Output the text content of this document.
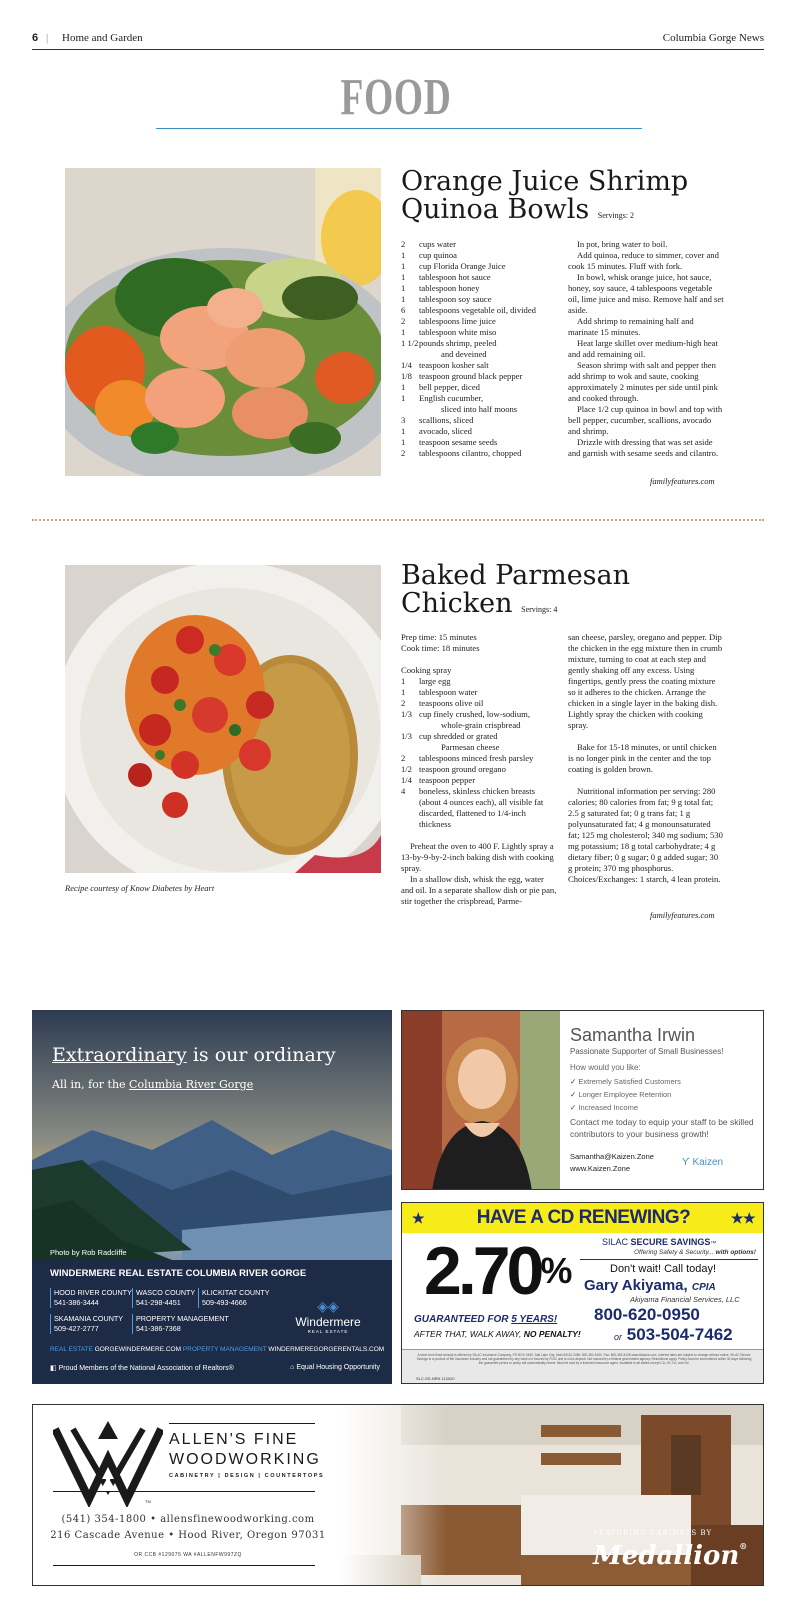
6 | Home and Garden	Columbia Gorge News
FOOD
Orange Juice Shrimp
Quinoa Bowls Servings: 2
2	cups water
1	cup quinoa
1	cup Florida Orange Juice
1	tablespoon hot sauce
1	tablespoon honey
1	tablespoon soy sauce
6	tablespoons vegetable oil, divided
2	tablespoons lime juice
1	tablespoon white miso
1 1/2 pounds shrimp, peeled
and deveined
1/4 teaspoon kosher salt
1/8 teaspoon ground black pepper
1	bell pepper, diced
1	English cucumber,
sliced into half moons
3	scallions, sliced
1	avocado, sliced
1	teaspoon sesame seeds
2	tablespoons cilantro, chopped

In pot, bring water to boil.

Add quinoa, reduce to simmer, cover and cook 15 minutes. Fluff with fork.

In bowl, whisk orange juice, hot sauce, honey, soy sauce, 4 tablespoons vegetable oil, lime juice and miso. Remove half and set aside.

Add shrimp to remaining half and marinate 15 minutes.

Heat large skillet over medium-high heat and add remaining oil.

Season shrimp with salt and pepper then add shrimp to wok and saute, cooking approximately 2 minutes per side until pink and cooked through.

Place 1/2 cup quinoa in bowl and top with bell pepper, cucumber, scallions, avocado and shrimp.

Drizzle with dressing that was set aside and garnish with sesame seeds and cilantro.

familyfeatures.com
Recipe courtesy of Know Diabetes by Heart
Baked Parmesan
Chicken Servings: 4
Prep time: 15 minutes
Cook time: 18 minutes
Cooking spray
1	large egg
1	tablespoon water
2	teaspoons olive oil
1/3 cup finely crushed, low-sodium,
whole-grain crispbread
1/3 cup shredded or grated
Parmesan cheese
2	tablespoons minced fresh parsley
1/2 teaspoon ground oregano
1/4 teaspoon pepper
4	boneless, skinless chicken breasts
(about 4 ounces each), all visible fat
discarded, flattened to 1/4-inch
thickness

Preheat the oven to 400 F. Lightly spray a 13-by-9-by-2-inch baking dish with cooking spray.

In a shallow dish, whisk the egg, water and oil. In a separate shallow dish or pie pan, stir together the crispbread, Parme-

san cheese, parsley, oregano and pepper. Dip the chicken in the egg mixture then in crumb mixture, turning to coat at each step and gently shaking off any excess. Using fingertips, gently press the coating mixture so it adheres to the chicken. Arrange the chicken in a single layer in the baking dish. Lightly spray the chicken with cooking spray.

Bake for 15-18 minutes, or until chicken is no longer pink in the center and the top coating is golden brown.

Nutritional information per serving: 280 calories; 80 calories from fat; 9 g total fat; 2.5 g saturated fat; 0 g trans fat; 1 g polyunsaturated fat; 4 g monounsaturated fat; 125 mg cholesterol; 340 mg sodium; 530 mg potassium; 18 g total carbohydrate; 4 g dietary fiber; 0 g sugar; 0 g added sugar; 30 g protein; 370 mg phosphorus. Choices/Exchanges: 1 starch, 4 lean protein.

familyfeatures.com
Extraordinary is our ordinary
All in, for the Columbia River Gorge
Photo by Rob Radcliffe
WINDERMERE REAL ESTATE COLUMBIA RIVER GORGE
HOOD RIVER COUNTY
541-386-3444
WASCO COUNTY
541-298-4451
KLICKITAT COUNTY
509-493-4666
SKAMANIA COUNTY
509-427-2777
PROPERTY MANAGEMENT
541-386-7368
◈◈
Windermere
REAL ESTATE
REAL ESTATE GORGEWINDERMERE.COM PROPERTY MANAGEMENT WINDERMEREGORGERENTALS.COM
◧ Proud Members of the National Association of Realtors®	⌂ Equal Housing Opportunity
Samantha Irwin
Passionate Supporter of Small Businesses!
How would you like:
✓ Extremely Satisfied Customers
✓ Longer Employee Retention
✓ Increased Income
Contact me today to equip your staff to be skilled contributors to your business growth!
Samantha@Kaizen.Zone
www.Kaizen.Zone
ϒ Kaizen
★	HAVE A CD RENEWING?	★★
2.70%
GUARANTEED FOR 5 YEARS!
AFTER THAT, WALK AWAY, NO PENALTY!
SILAC SECURE SAVINGS™
Offering Safety & Security... with options!
Don't wait! Call today!
Gary Akiyama, CPIA
Akiyama Financial Services, LLC
800-620-0950
or 503-504-7462
A short term fixed annuity is offered by SILAC Insurance Company, PO BOX 2450, Salt Lake City, Utah 84110-2450. 800-352-5150. Fax: 800-352-5126 www.silacins.com. Interest rates are subject to change without notice. SILAC Secure Savings is a product of the insurance industry and not guaranteed by any bank nor insured by FDIC and is not a deposit. Not insured by a federal government agency. Restrictions apply. Policy must be surrendered within 30 days following the guarantee period or policy will automatically renew. Must be sold by a licensed insurance agent. Available in all states except CA, NY, NJ, and NV.
SLC-SS-NRN 112020
TM
ALLEN'S FINE
WOODWORKING
CABINETRY | DESIGN | COUNTERTOPS
(541) 354-1800 • allensfinewoodworking.com
216 Cascade Avenue • Hood River, Oregon 97031
OR CCB #129075 WA #ALLENFW997ZQ
FEATURING CABINETS BY
Medallion®
